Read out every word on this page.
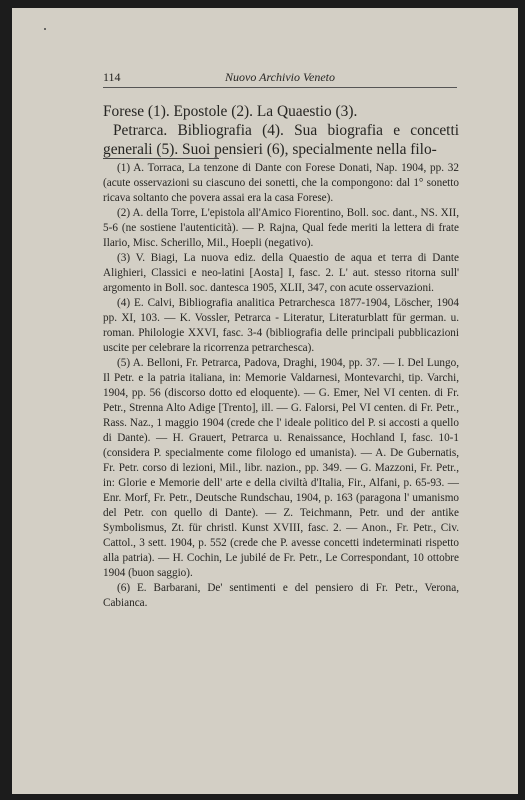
114	Nuovo Archivio Veneto

Forese (1). Epostole (2). La Quaestio (3).

Petrarca. Bibliografia (4). Sua biografia e concetti generali (5). Suoi pensieri (6), specialmente nella filo-

(1) A. Torraca, La tenzone di Dante con Forese Donati, Nap. 1904, pp. 32 (acute osservazioni su ciascuno dei sonetti, che la compongono: dal 1° sonetto ricava soltanto che povera assai era la casa Forese).

(2) A. della Torre, L'epistola all'Amico Fiorentino, Boll. soc. dant., NS. XII, 5-6 (ne sostiene l'autenticità). — P. Rajna, Qual fede meriti la lettera di frate Ilario, Misc. Scherillo, Mil., Hoepli (negativo).

(3) V. Biagi, La nuova ediz. della Quaestio de aqua et terra di Dante Alighieri, Classici e neo-latini [Aosta] I, fasc. 2. L' aut. stesso ritorna sull' argomento in Boll. soc. dantesca 1905, XLII, 347, con acute osservazioni.

(4) E. Calvi, Bibliografia analitica Petrarchesca 1877-1904, Löscher, 1904 pp. XI, 103. — K. Vossler, Petrarca - Literatur, Literaturblatt für german. u. roman. Philologie XXVI, fasc. 3-4 (bibliografia delle principali pubblicazioni uscite per celebrare la ricorrenza petrarchesca).

(5) A. Belloni, Fr. Petrarca, Padova, Draghi, 1904, pp. 37. — I. Del Lungo, Il Petr. e la patria italiana, in: Memorie Valdarnesi, Montevarchi, tip. Varchi, 1904, pp. 56 (discorso dotto ed eloquente). — G. Emer, Nel VI centen. di Fr. Petr., Strenna Alto Adige [Trento], ill. — G. Falorsi, Pel VI centen. di Fr. Petr., Rass. Naz., 1 maggio 1904 (crede che l' ideale politico del P. si accosti a quello di Dante). — H. Grauert, Petrarca u. Renaissance, Hochland I, fasc. 10-1 (considera P. specialmente come filologo ed umanista). — A. De Gubernatis, Fr. Petr. corso di lezioni, Mil., libr. nazion., pp. 349. — G. Mazzoni, Fr. Petr., in: Glorie e Memorie dell' arte e della civiltà d'Italia, Fir., Alfani, p. 65-93. — Enr. Morf, Fr. Petr., Deutsche Rundschau, 1904, p. 163 (paragona l' umanismo del Petr. con quello di Dante). — Z. Teichmann, Petr. und der antike Symbolismus, Zt. für christl. Kunst XVIII, fasc. 2. — Anon., Fr. Petr., Civ. Cattol., 3 sett. 1904, p. 552 (crede che P. avesse concetti indeterminati rispetto alla patria). — H. Cochin, Le jubilé de Fr. Petr., Le Correspondant, 10 ottobre 1904 (buon saggio).

(6) E. Barbarani, De' sentimenti e del pensiero di Fr. Petr., Verona, Cabianca.
